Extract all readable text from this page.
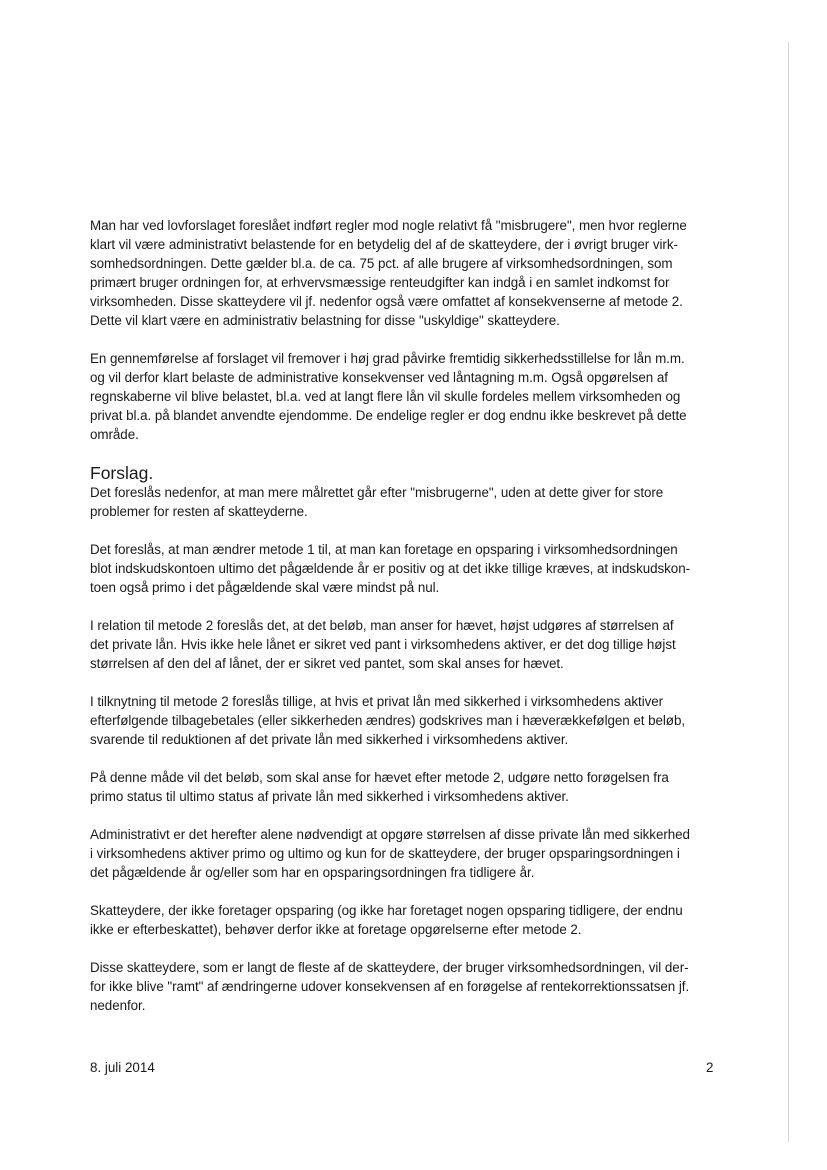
Man har ved lovforslaget foreslået indført regler mod nogle relativt få "misbrugere", men hvor reglerne
klart vil være administrativt belastende for en betydelig del af de skatteydere, der i øvrigt bruger virk-
somhedsordningen. Dette gælder bl.a. de ca. 75 pct. af alle brugere af virksomhedsordningen, som
primært bruger ordningen for, at erhvervsmæssige renteudgifter kan indgå i en samlet indkomst for
virksomheden. Disse skatteydere vil jf. nedenfor også være omfattet af konsekvenserne af metode 2.
Dette vil klart være en administrativ belastning for disse "uskyldige" skatteydere.
En gennemførelse af forslaget vil fremover i høj grad påvirke fremtidig sikkerhedsstillelse for lån m.m.
og vil derfor klart belaste de administrative konsekvenser ved låntagning m.m. Også opgørelsen af
regnskaberne vil blive belastet, bl.a. ved at langt flere lån vil skulle fordeles mellem virksomheden og
privat bl.a. på blandet anvendte ejendomme. De endelige regler er dog endnu ikke beskrevet på dette
område.
Forslag.
Det foreslås nedenfor, at man mere målrettet går efter "misbrugerne", uden at dette giver for store
problemer for resten af skatteyderne.
Det foreslås, at man ændrer metode 1 til, at man kan foretage en opsparing i virksomhedsordningen
blot indskudskontoen ultimo det pågældende år er positiv og at det ikke tillige kræves, at indskudskon-
toen også primo i det pågældende skal være mindst på nul.
I relation til metode 2 foreslås det, at det beløb, man anser for hævet, højst udgøres af størrelsen af
det private lån. Hvis ikke hele lånet er sikret ved pant i virksomhedens aktiver, er det dog tillige højst
størrelsen af den del af lånet, der er sikret ved pantet, som skal anses for hævet.
I tilknytning til metode 2 foreslås tillige, at hvis et privat lån med sikkerhed i virksomhedens aktiver
efterfølgende tilbagebetales (eller sikkerheden ændres) godskrives man i hæverækkefølgen et beløb,
svarende til reduktionen af det private lån med sikkerhed i virksomhedens aktiver.
På denne måde vil det beløb, som skal anse for hævet efter metode 2, udgøre netto forøgelsen fra
primo status til ultimo status af private lån med sikkerhed i virksomhedens aktiver.
Administrativt er det herefter alene nødvendigt at opgøre størrelsen af disse private lån med sikkerhed
i virksomhedens aktiver primo og ultimo og kun for de skatteydere, der bruger opsparingsordningen i
det pågældende år og/eller som har en opsparingsordningen fra tidligere år.
Skatteydere, der ikke foretager opsparing (og ikke har foretaget nogen opsparing tidligere, der endnu
ikke er efterbeskattet), behøver derfor ikke at foretage opgørelserne efter metode 2.
Disse skatteydere, som er langt de fleste af de skatteydere, der bruger virksomhedsordningen, vil der-
for ikke blive "ramt" af ændringerne udover konsekvensen af en forøgelse af rentekorrektionssatsen jf.
nedenfor.
8. juli 2014	2
